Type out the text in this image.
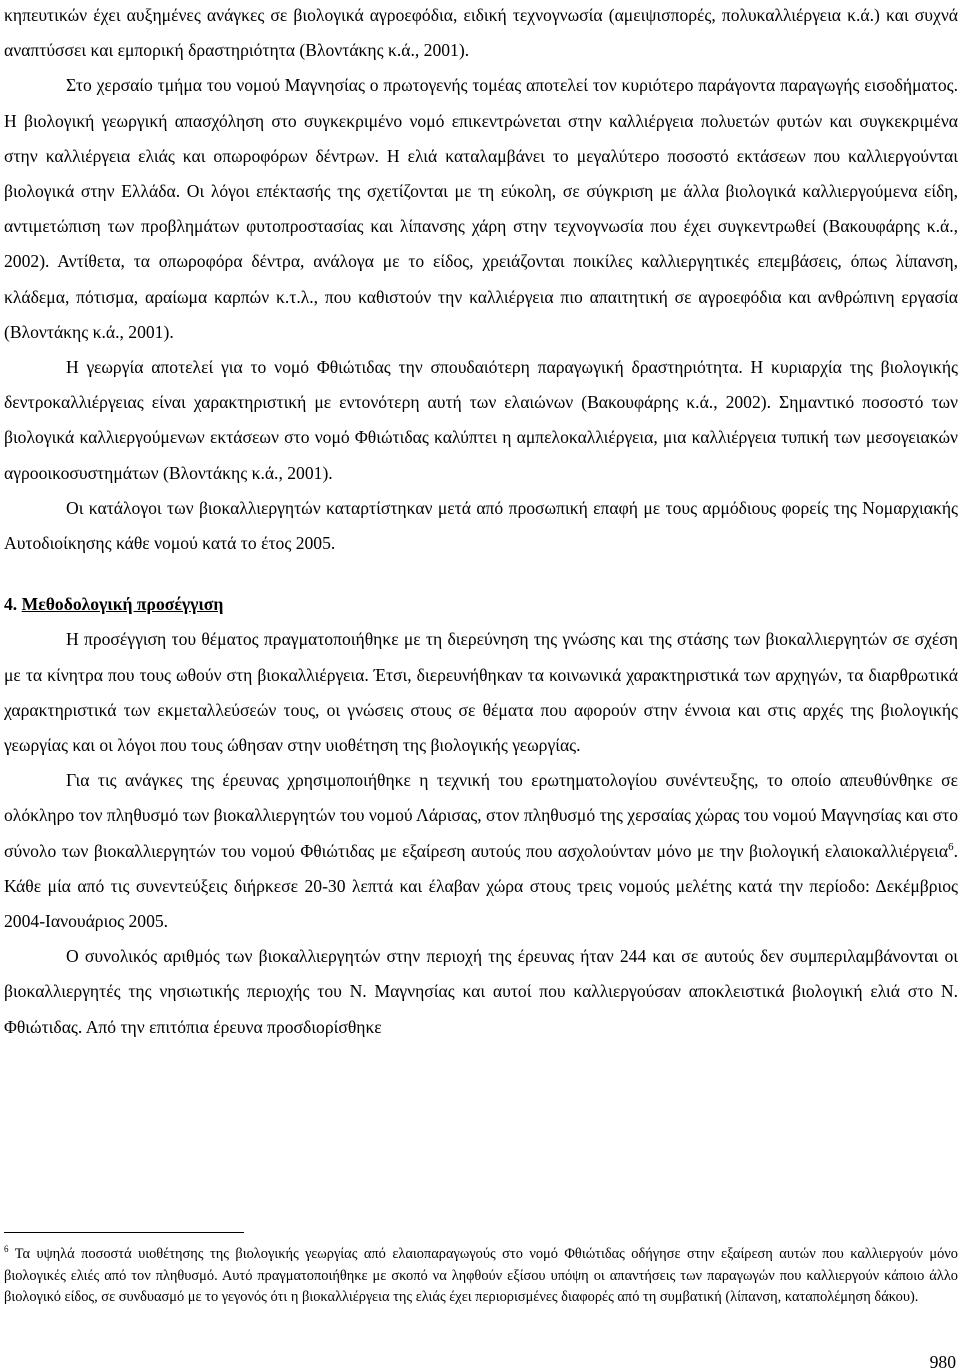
κηπευτικών έχει αυξημένες ανάγκες σε βιολογικά αγροεφόδια, ειδική τεχνογνωσία (αμειψισπορές, πολυκαλλιέργεια κ.ά.) και συχνά αναπτύσσει και εμπορική δραστηριότητα (Βλοντάκης κ.ά., 2001).

Στο χερσαίο τμήμα του νομού Μαγνησίας ο πρωτογενής τομέας αποτελεί τον κυριότερο παράγοντα παραγωγής εισοδήματος. Η βιολογική γεωργική απασχόληση στο συγκεκριμένο νομό επικεντρώνεται στην καλλιέργεια πολυετών φυτών και συγκεκριμένα στην καλλιέργεια ελιάς και οπωροφόρων δέντρων. Η ελιά καταλαμβάνει το μεγαλύτερο ποσοστό εκτάσεων που καλλιεργούνται βιολογικά στην Ελλάδα. Οι λόγοι επέκτασής της σχετίζονται με τη εύκολη, σε σύγκριση με άλλα βιολογικά καλλιεργούμενα είδη, αντιμετώπιση των προβλημάτων φυτοπροστασίας και λίπανσης χάρη στην τεχνογνωσία που έχει συγκεντρωθεί (Βακουφάρης κ.ά., 2002). Αντίθετα, τα οπωροφόρα δέντρα, ανάλογα με το είδος, χρειάζονται ποικίλες καλλιεργητικές επεμβάσεις, όπως λίπανση, κλάδεμα, πότισμα, αραίωμα καρπών κ.τ.λ., που καθιστούν την καλλιέργεια πιο απαιτητική σε αγροεφόδια και ανθρώπινη εργασία (Βλοντάκης κ.ά., 2001).

Η γεωργία αποτελεί για το νομό Φθιώτιδας την σπουδαιότερη παραγωγική δραστηριότητα. Η κυριαρχία της βιολογικής δεντροκαλλιέργειας είναι χαρακτηριστική με εντονότερη αυτή των ελαιώνων (Βακουφάρης κ.ά., 2002). Σημαντικό ποσοστό των βιολογικά καλλιεργούμενων εκτάσεων στο νομό Φθιώτιδας καλύπτει η αμπελοκαλλιέργεια, μια καλλιέργεια τυπική των μεσογειακών αγροοικοσυστημάτων (Βλοντάκης κ.ά., 2001).

Οι κατάλογοι των βιοκαλλιεργητών καταρτίστηκαν μετά από προσωπική επαφή με τους αρμόδιους φορείς της Νομαρχιακής Αυτοδιοίκησης κάθε νομού κατά το έτος 2005.

4. Μεθοδολογική προσέγγιση

Η προσέγγιση του θέματος πραγματοποιήθηκε με τη διερεύνηση της γνώσης και της στάσης των βιοκαλλιεργητών σε σχέση με τα κίνητρα που τους ωθούν στη βιοκαλλιέργεια. Έτσι, διερευνήθηκαν τα κοινωνικά χαρακτηριστικά των αρχηγών, τα διαρθρωτικά χαρακτηριστικά των εκμεταλλεύσεών τους, οι γνώσεις στους σε θέματα που αφορούν στην έννοια και στις αρχές της βιολογικής γεωργίας και οι λόγοι που τους ώθησαν στην υιοθέτηση της βιολογικής γεωργίας.

Για τις ανάγκες της έρευνας χρησιμοποιήθηκε η τεχνική του ερωτηματολογίου συνέντευξης, το οποίο απευθύνθηκε σε ολόκληρο τον πληθυσμό των βιοκαλλιεργητών του νομού Λάρισας, στον πληθυσμό της χερσαίας χώρας του νομού Μαγνησίας και στο σύνολο των βιοκαλλιεργητών του νομού Φθιώτιδας με εξαίρεση αυτούς που ασχολούνταν μόνο με την βιολογική ελαιοκαλλιέργεια$^6$. Κάθε μία από τις συνεντεύξεις διήρκεσε 20-30 λεπτά και έλαβαν χώρα στους τρεις νομούς μελέτης κατά την περίοδο: Δεκέμβριος 2004-Ιανουάριος 2005.

Ο συνολικός αριθμός των βιοκαλλιεργητών στην περιοχή της έρευνας ήταν 244 και σε αυτούς δεν συμπεριλαμβάνονται οι βιοκαλλιεργητές της νησιωτικής περιοχής του Ν. Μαγνησίας και αυτοί που καλλιεργούσαν αποκλειστικά βιολογική ελιά στο Ν. Φθιώτιδας. Από την επιτόπια έρευνα προσδιορίσθηκε

$^6$ Τα υψηλά ποσοστά υιοθέτησης της βιολογικής γεωργίας από ελαιοπαραγωγούς στο νομό Φθιώτιδας οδήγησε στην εξαίρεση αυτών που καλλιεργούν μόνο βιολογικές ελιές από τον πληθυσμό. Αυτό πραγματοποιήθηκε με σκοπό να ληφθούν εξίσου υπόψη οι απαντήσεις των παραγωγών που καλλιεργούν κάποιο άλλο βιολογικό είδος, σε συνδυασμό με το γεγονός ότι η βιοκαλλιέργεια της ελιάς έχει περιορισμένες διαφορές από τη συμβατική (λίπανση, καταπολέμηση δάκου).

980
